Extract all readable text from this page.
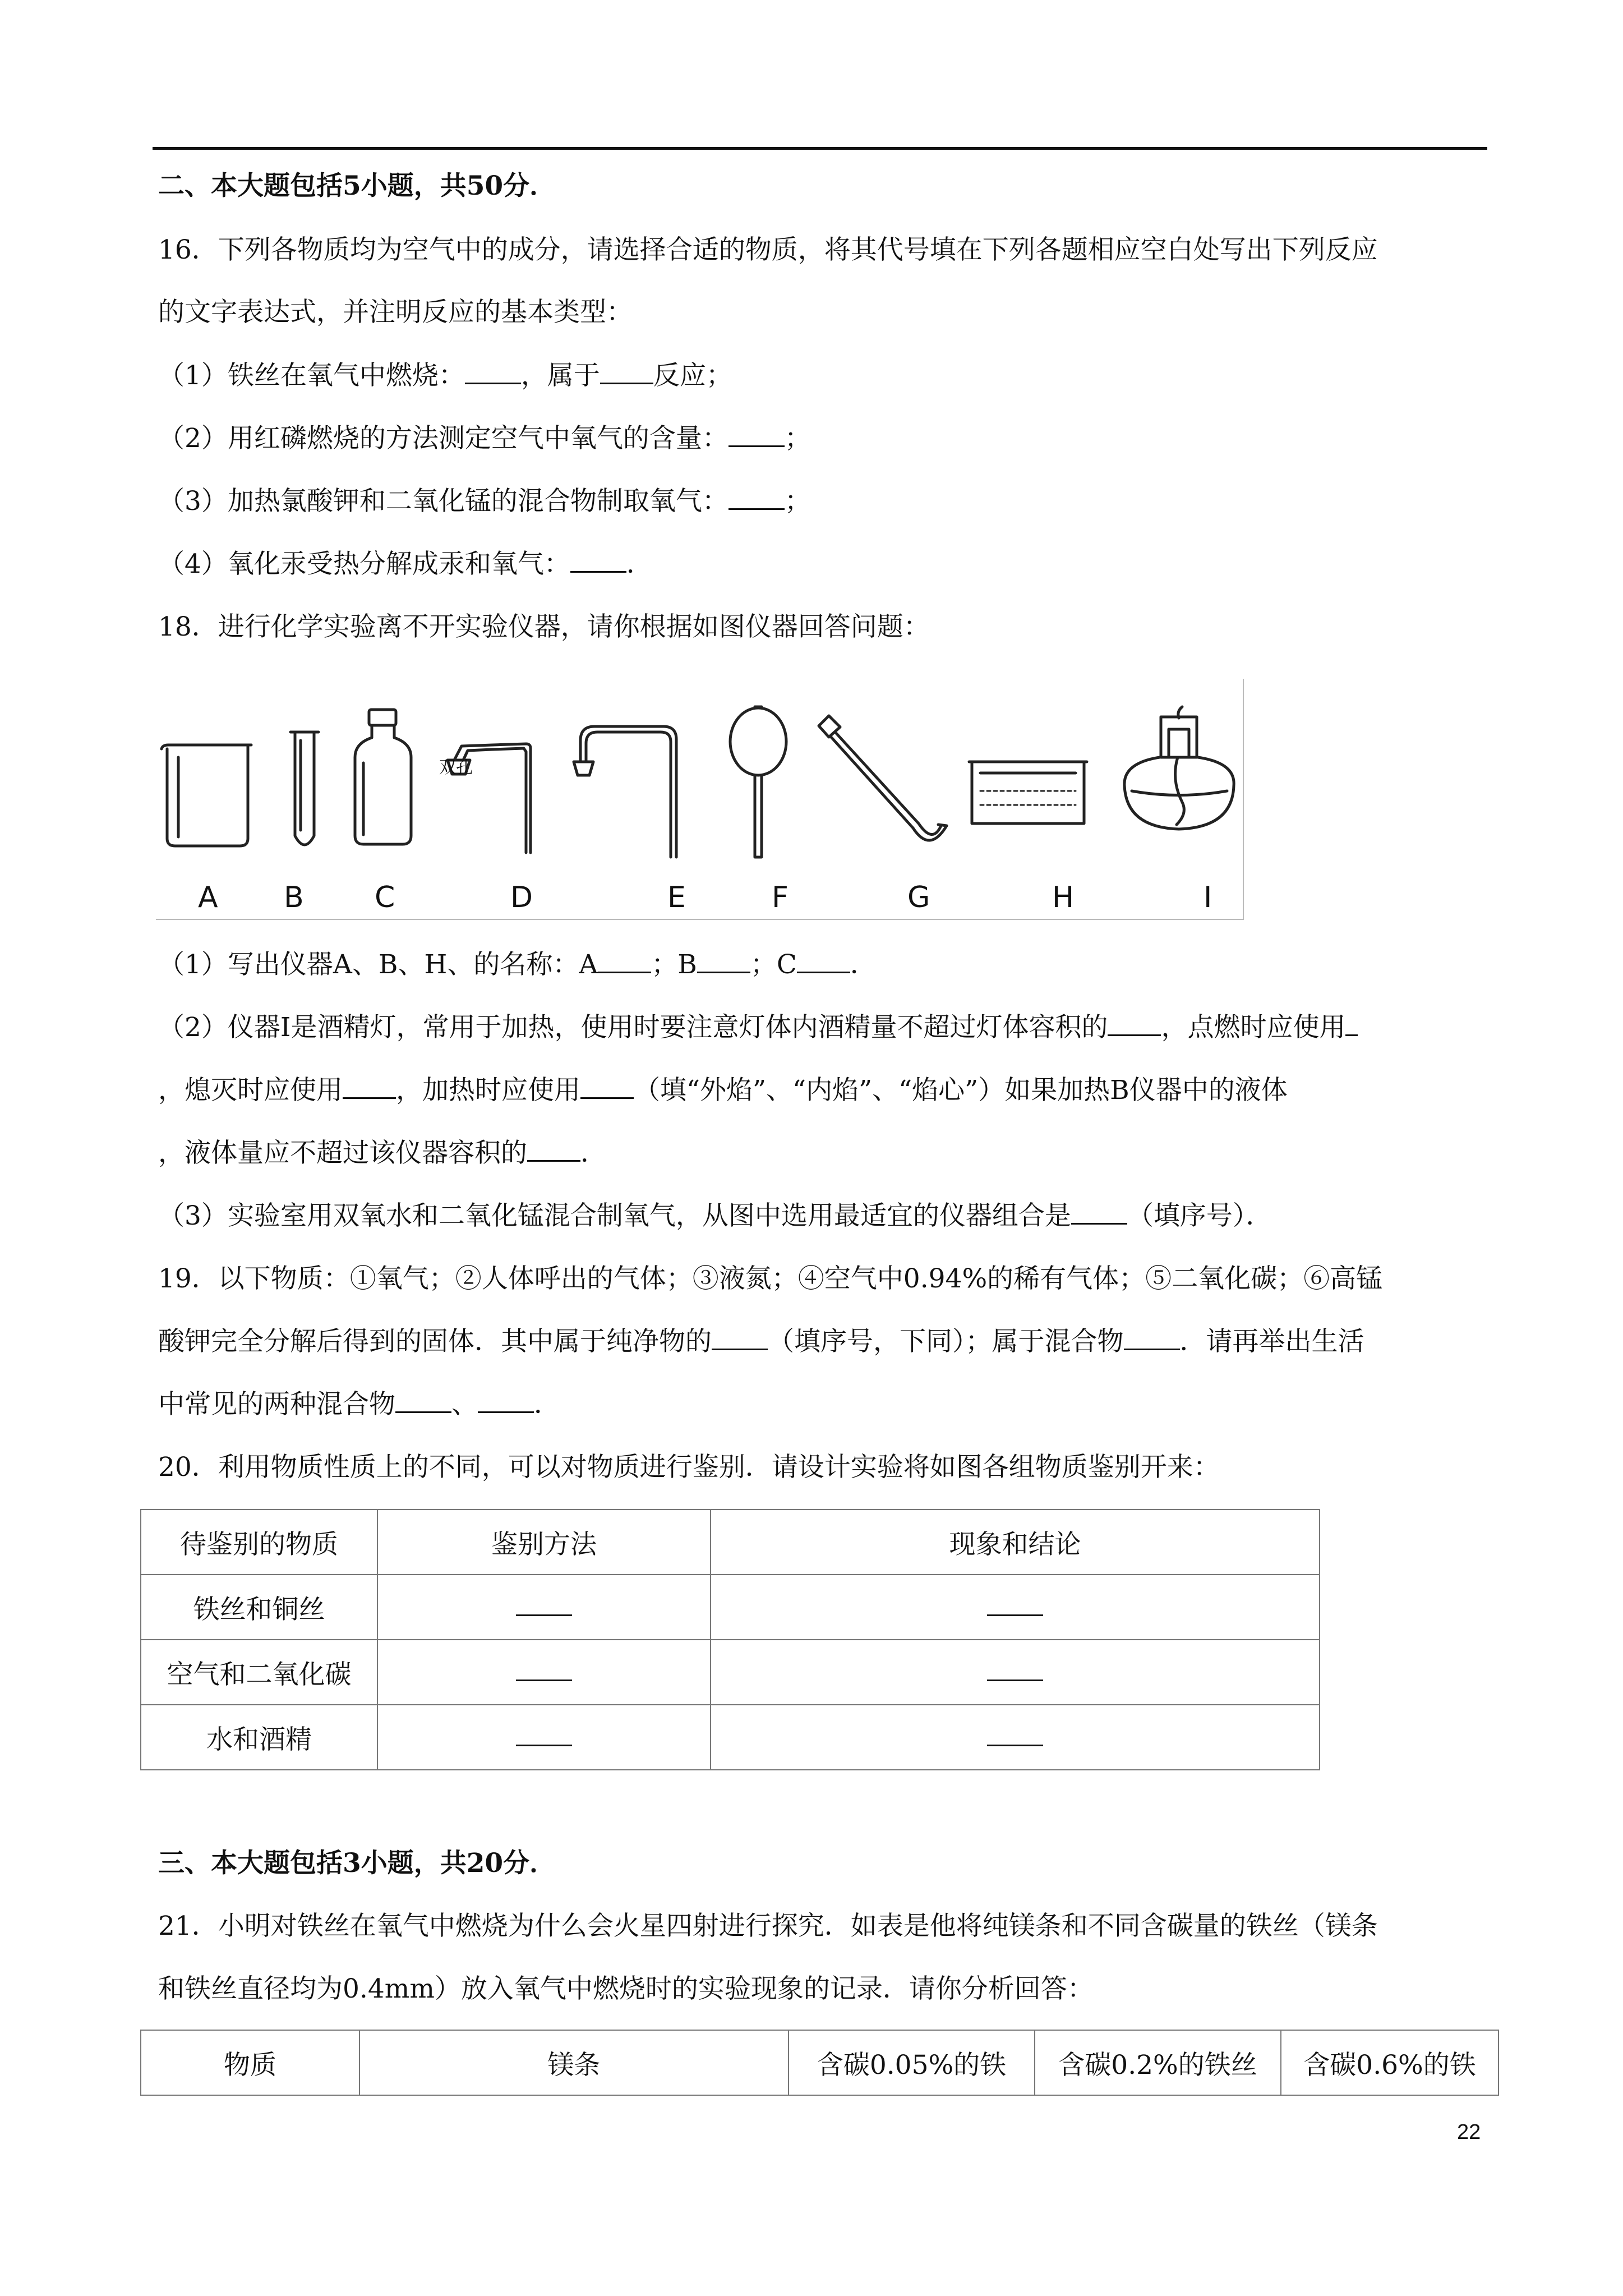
二、本大题包括5小题，共50分．
16．下列各物质均为空气中的成分，请选择合适的物质，将其代号填在下列各题相应空白处写出下列反应
的文字表达式，并注明反应的基本类型：
（1）铁丝在氧气中燃烧： ，属于 反应；
（2）用红磷燃烧的方法测定空气中氧气的含量： ；
（3）加热氯酸钾和二氧化锰的混合物制取氧气： ；
（4）氧化汞受热分解成汞和氧气： ．
18．进行化学实验离不开实验仪器，请你根据如图仪器回答问题：
双孔
A B C	D	E	F	G	H	I
（1）写出仪器A、B、H、的名称：A ；B ；C ．
（2）仪器I是酒精灯，常用于加热，使用时要注意灯体内酒精量不超过灯体容积的 ，点燃时应使用
，熄灭时应使用 ，加热时应使用 （填“外焰”、“内焰”、“焰心”）如果加热B仪器中的液体
，液体量应不超过该仪器容积的 ．
（3）实验室用双氧水和二氧化锰混合制氧气，从图中选用最适宜的仪器组合是 （填序号）．
19．以下物质：①氧气；②人体呼出的气体；③液氮；④空气中0.94%的稀有气体；⑤二氧化碳；⑥高锰
酸钾完全分解后得到的固体．其中属于纯净物的 （填序号，下同）；属于混合物 ．请再举出生活
中常见的两种混合物 、 ．
20．利用物质性质上的不同，可以对物质进行鉴别．请设计实验将如图各组物质鉴别开来：
待鉴别的物质	鉴别方法	现象和结论
铁丝和铜丝		
空气和二氧化碳		
水和酒精		
三、本大题包括3小题，共20分．
21．小明对铁丝在氧气中燃烧为什么会火星四射进行探究．如表是他将纯镁条和不同含碳量的铁丝（镁条
和铁丝直径均为0.4mm）放入氧气中燃烧时的实验现象的记录．请你分析回答：
物质	镁条	含碳0.05%的铁	含碳0.2%的铁丝	含碳0.6%的铁
22
